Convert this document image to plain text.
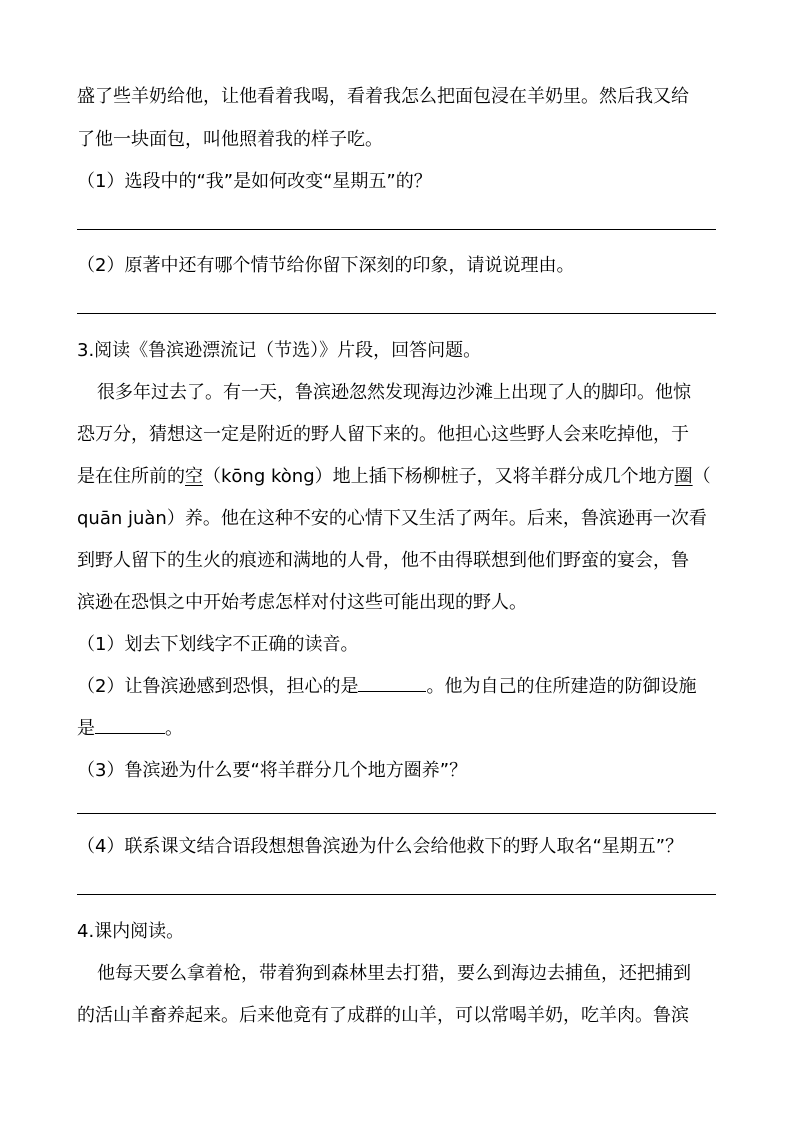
盛了些羊奶给他，让他看着我喝，看着我怎么把面包浸在羊奶里。然后我又给
了他一块面包，叫他照着我的样子吃。
（1）选段中的“我”是如何改变“星期五”的？
（2）原著中还有哪个情节给你留下深刻的印象，请说说理由。
3.阅读《鲁滨逊漂流记（节选）》片段，回答问题。
很多年过去了。有一天，鲁滨逊忽然发现海边沙滩上出现了人的脚印。他惊
恐万分，猜想这一定是附近的野人留下来的。他担心这些野人会来吃掉他，于
是在住所前的空（kōng kòng）地上插下杨柳桩子，又将羊群分成几个地方圈（
quān juàn）养。他在这种不安的心情下又生活了两年。后来，鲁滨逊再一次看
到野人留下的生火的痕迹和满地的人骨，他不由得联想到他们野蛮的宴会，鲁
滨逊在恐惧之中开始考虑怎样对付这些可能出现的野人。
（1）划去下划线字不正确的读音。
（2）让鲁滨逊感到恐惧，担心的是	。他为自己的住所建造的防御设施
是	。
（3）鲁滨逊为什么要“将羊群分几个地方圈养”？
（4）联系课文结合语段想想鲁滨逊为什么会给他救下的野人取名“星期五”？
4.课内阅读。
他每天要么拿着枪，带着狗到森林里去打猎，要么到海边去捕鱼，还把捕到
的活山羊畜养起来。后来他竟有了成群的山羊，可以常喝羊奶，吃羊肉。鲁滨
